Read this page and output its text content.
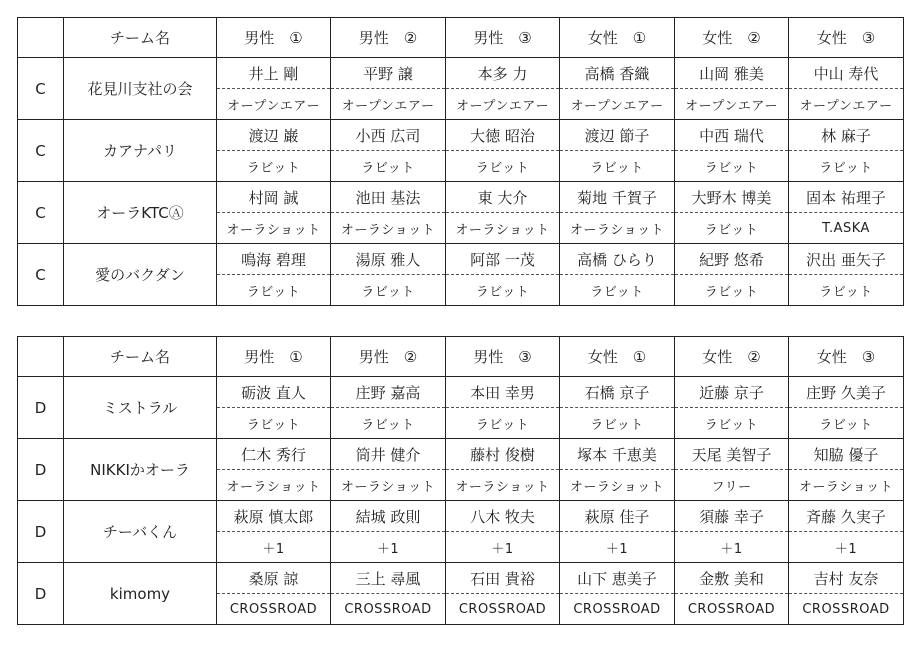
	チーム名	男性　①	男性　②	男性　③	女性　①	女性　②	女性　③
C	花見川支社の会	井上 剛	平野 譲	本多 力	高橋 香織	山岡 雅美	中山 寿代
		オープンエアー	オープンエアー	オープンエアー	オープンエアー	オープンエアー	オープンエアー
C	カアナパリ	渡辺 巌	小西 広司	大徳 昭治	渡辺 節子	中西 瑞代	林 麻子
		ラビット	ラビット	ラビット	ラビット	ラビット	ラビット
C	オーラKTCⒶ	村岡 誠	池田 基法	東 大介	菊地 千賀子	大野木 博美	固本 祐理子
		オーラショット	オーラショット	オーラショット	オーラショット	ラビット	T.ASKA
C	愛のバクダン	鳴海 碧理	湯原 雅人	阿部 一茂	高橋 ひらり	紀野 悠希	沢出 亜矢子
		ラビット	ラビット	ラビット	ラビット	ラビット	ラビット
	チーム名	男性　①	男性　②	男性　③	女性　①	女性　②	女性　③
D	ミストラル	砺波 直人	庄野 嘉高	本田 幸男	石橋 京子	近藤 京子	庄野 久美子
		ラビット	ラビット	ラビット	ラビット	ラビット	ラビット
D	NIKKIかオーラ	仁木 秀行	筒井 健介	藤村 俊樹	塚本 千恵美	天尾 美智子	知脇 優子
		オーラショット	オーラショット	オーラショット	オーラショット	フリー	オーラショット
D	チーバくん	萩原 慎太郎	結城 政則	八木 牧夫	萩原 佳子	須藤 幸子	斉藤 久実子
		＋1	＋1	＋1	＋1	＋1	＋1
D	kimomy	桑原 諒	三上 尋風	石田 貴裕	山下 恵美子	金敷 美和	吉村 友奈
		CROSSROAD	CROSSROAD	CROSSROAD	CROSSROAD	CROSSROAD	CROSSROAD
